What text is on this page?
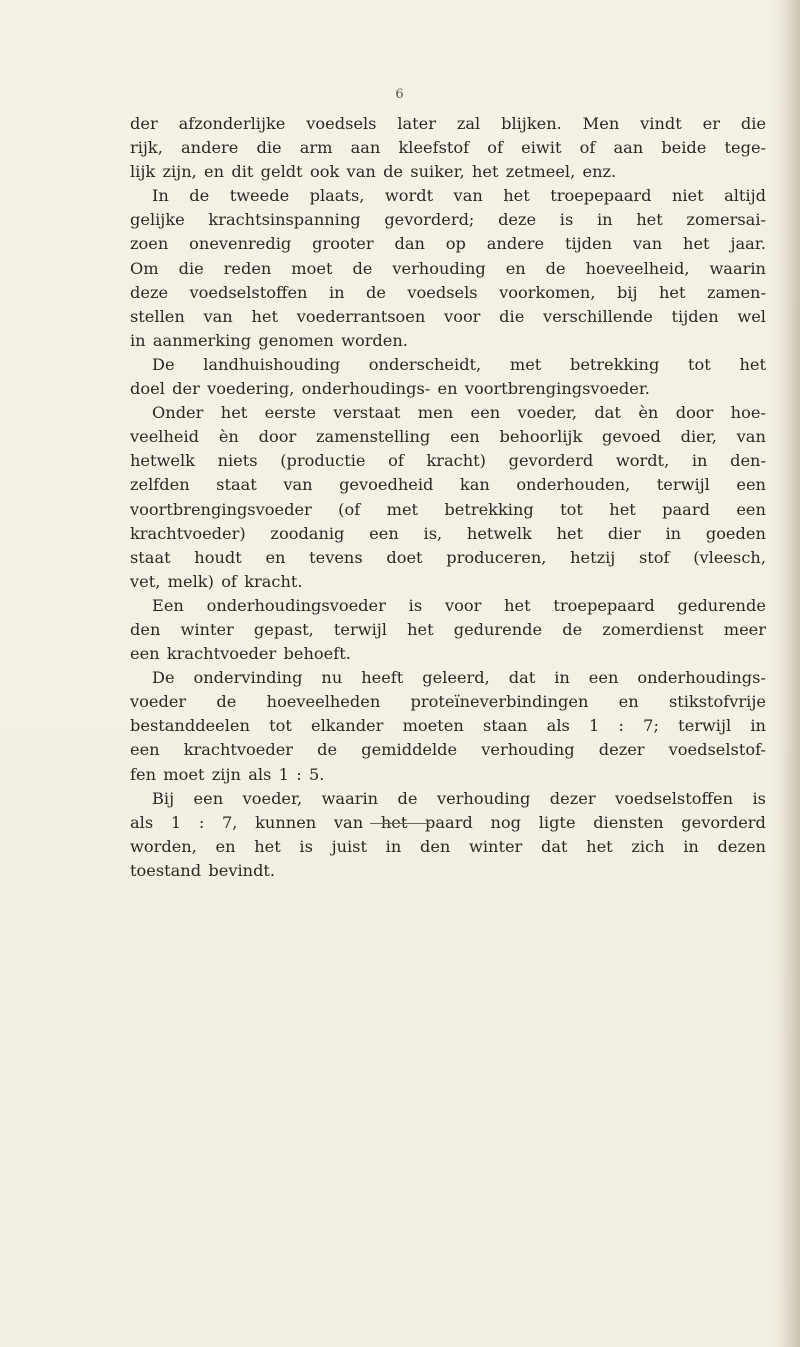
6
der afzonderlijke voedsels later zal blijken. Men vindt er die
rijk, andere die arm aan kleefstof of eiwit of aan beide tege-
lijk zijn, en dit geldt ook van de suiker, het zetmeel, enz.
In de tweede plaats, wordt van het troepepaard niet altijd
gelijke krachtsinspanning gevorderd; deze is in het zomersai-
zoen onevenredig grooter dan op andere tijden van het jaar.
Om die reden moet de verhouding en de hoeveelheid, waarin
deze voedselstoffen in de voedsels voorkomen, bij het zamen-
stellen van het voederrantsoen voor die verschillende tijden wel
in aanmerking genomen worden.
De landhuishouding onderscheidt, met betrekking tot het
doel der voedering, onderhoudings- en voortbrengingsvoeder.
Onder het eerste verstaat men een voeder, dat èn door hoe-
veelheid èn door zamenstelling een behoorlijk gevoed dier, van
hetwelk niets (productie of kracht) gevorderd wordt, in den-
zelfden staat van gevoedheid kan onderhouden, terwijl een
voortbrengingsvoeder (of met betrekking tot het paard een
krachtvoeder) zoodanig een is, hetwelk het dier in goeden
staat houdt en tevens doet produceren, hetzij stof (vleesch,
vet, melk) of kracht.
Een onderhoudingsvoeder is voor het troepepaard gedurende
den winter gepast, terwijl het gedurende de zomerdienst meer
een krachtvoeder behoeft.
De ondervinding nu heeft geleerd, dat in een onderhoudings-
voeder de hoeveelheden proteïneverbindingen en stikstofvrije
bestanddeelen tot elkander moeten staan als 1 : 7; terwijl in
een krachtvoeder de gemiddelde verhouding dezer voedselstof-
fen moet zijn als 1 : 5.
Bij een voeder, waarin de verhouding dezer voedselstoffen is
als 1 : 7, kunnen van het paard nog ligte diensten gevorderd
worden, en het is juist in den winter dat het zich in dezen
toestand bevindt.
